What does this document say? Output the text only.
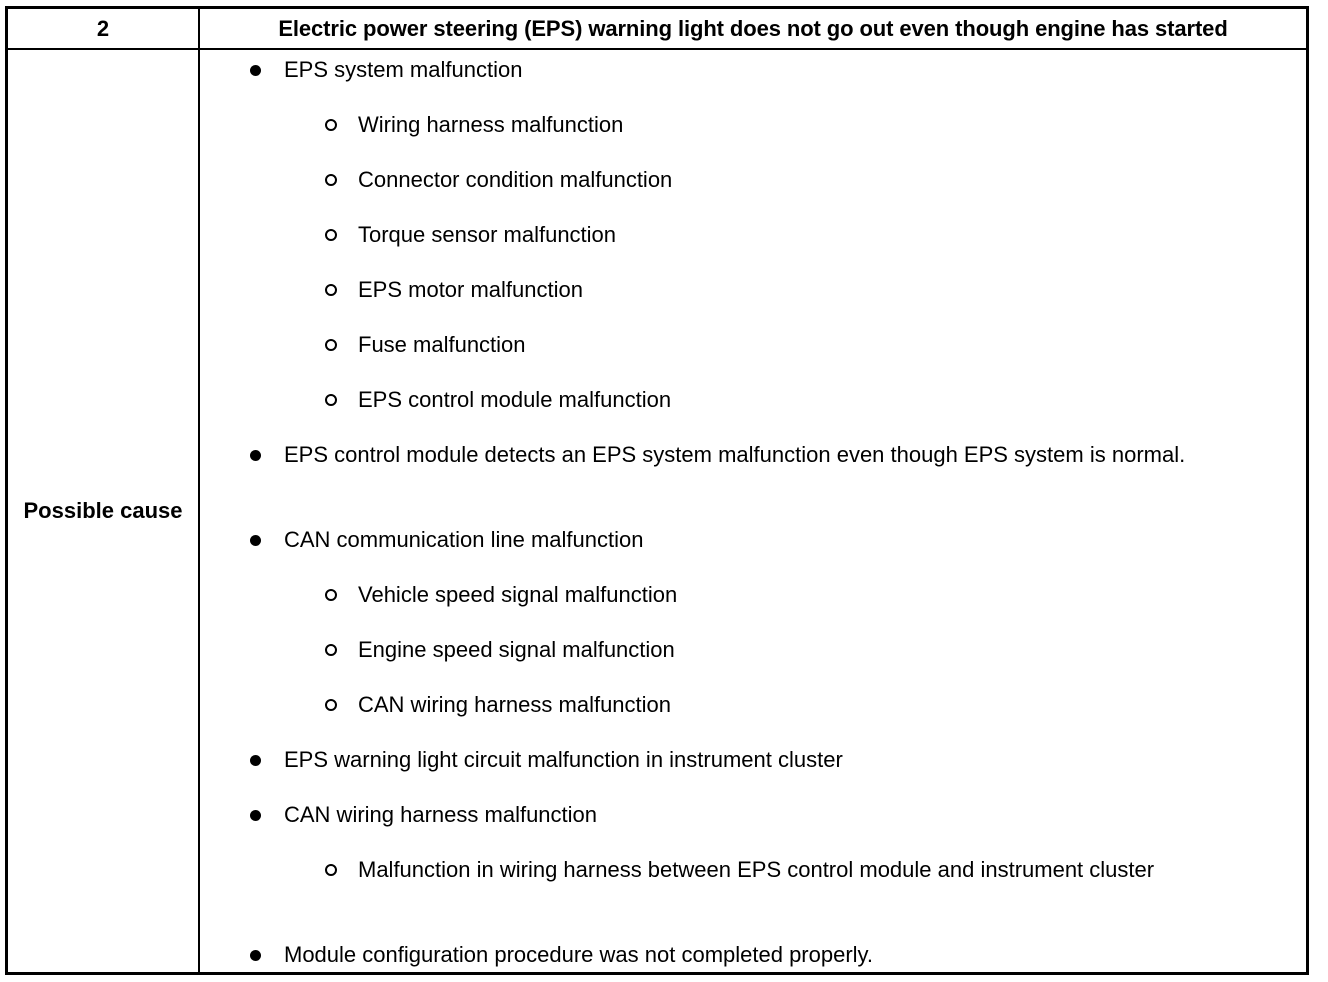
2	Electric power steering (EPS) warning light does not go out even though engine has started
Possible cause
EPS system malfunction
Wiring harness malfunction
Connector condition malfunction
Torque sensor malfunction
EPS motor malfunction
Fuse malfunction
EPS control module malfunction
EPS control module detects an EPS system malfunction even though EPS system is normal.
CAN communication line malfunction
Vehicle speed signal malfunction
Engine speed signal malfunction
CAN wiring harness malfunction
EPS warning light circuit malfunction in instrument cluster
CAN wiring harness malfunction
Malfunction in wiring harness between EPS control module and instrument cluster
Module configuration procedure was not completed properly.
